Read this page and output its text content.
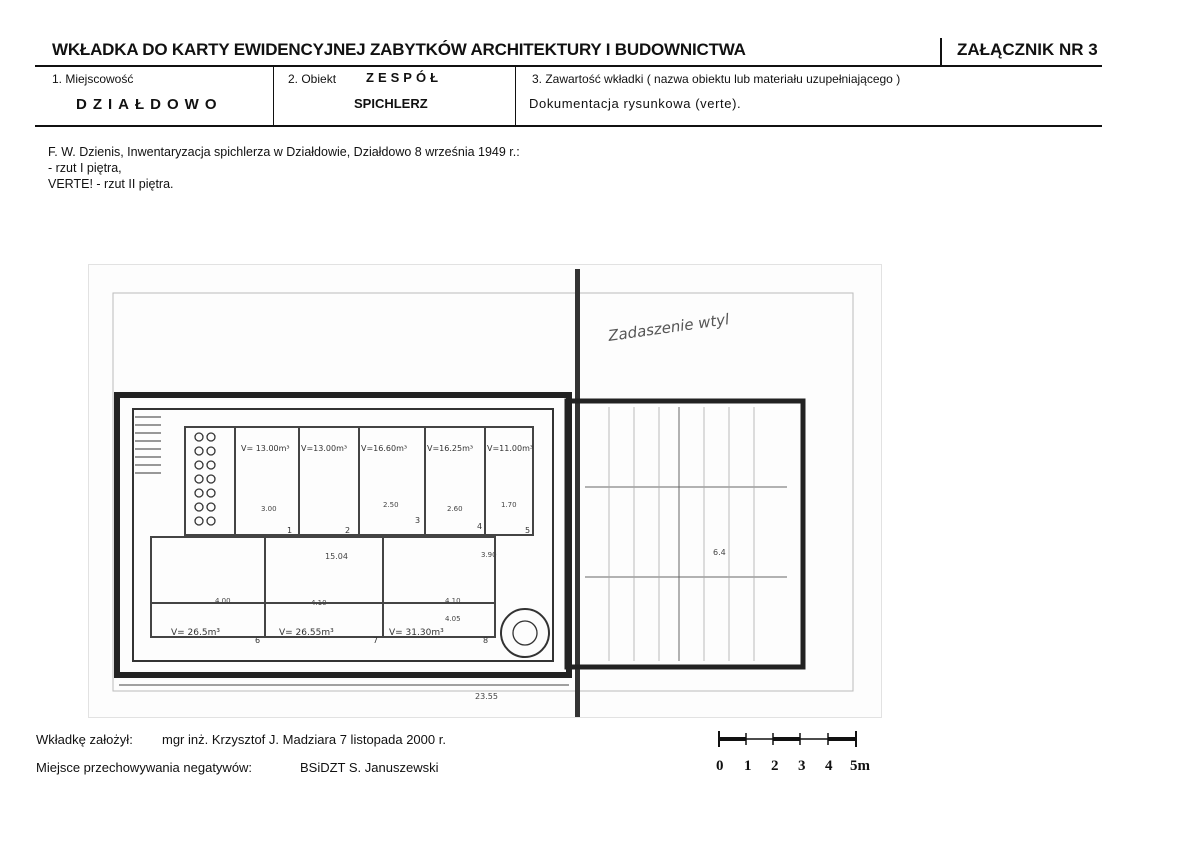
WKŁADKA DO KARTY EWIDENCYJNEJ ZABYTKÓW ARCHITEKTURY I BUDOWNICTWA	ZAŁĄCZNIK NR 3
1. Miejscowość
DZIAŁDOWO
2. Obiekt ZESPÓŁ
SPICHLERZ
3. Zawartość wkładki ( nazwa obiektu lub materiału uzupełniającego )
Dokumentacja rysunkowa (verte).
F. W. Dzienis, Inwentaryzacja spichlerza w Działdowie, Działdowo 8 września 1949 r.:
- rzut I piętra,
VERTE! - rzut II piętra.
Zadaszenie wtyl
V= 13.00m³ V=13.00m³ V=16.60m³ V=16.25m³ V=11.00m³
V= 26.5m³	V= 26.55m³	V= 31.30m³
1	2
3
4	5
6	7	8
3.00	2.50	2.60	1.70
15.04	3.90
4.00	4.10	4.10
4.05
23.55
6.4
Wkładkę założył: mgr inż. Krzysztof J. Madziara 7 listopada 2000 r.
Miejsce przechowywania negatywów:	BSiDZT S. Januszewski	0 1 2 3 4 5m
